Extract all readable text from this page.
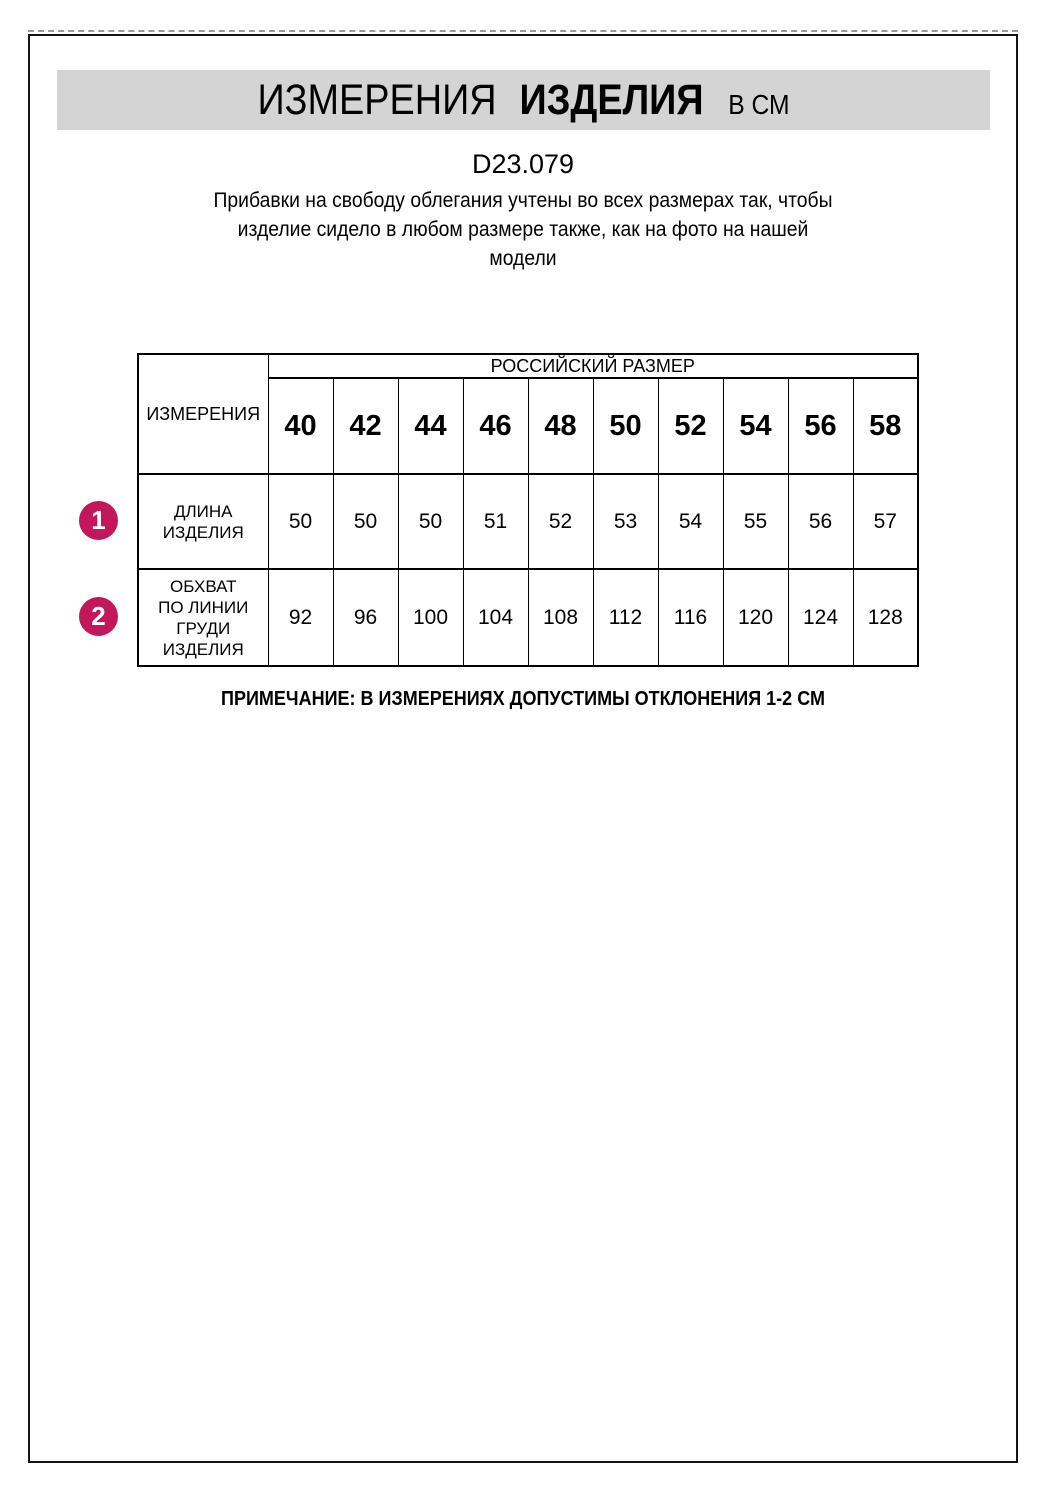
ИЗМЕРЕНИЯ ИЗДЕЛИЯ В СМ
D23.079
Прибавки на свободу облегания учтены во всех размерах так, чтобы
изделие сидело в любом размере также, как на фото на нашей
модели
ИЗМЕРЕНИЯ	РОССИЙСКИЙ РАЗМЕР									
	40	42	44	46	48	50	52	54	56	58
ДЛИНА ИЗДЕЛИЯ	50	50	50	51	52	53	54	55	56	57
ОБХВАТ ПО ЛИНИИ ГРУДИ ИЗДЕЛИЯ	92	96	100	104	108	112	116	120	124	128
1
2
ПРИМЕЧАНИЕ: В ИЗМЕРЕНИЯХ ДОПУСТИМЫ ОТКЛОНЕНИЯ 1-2 СМ
